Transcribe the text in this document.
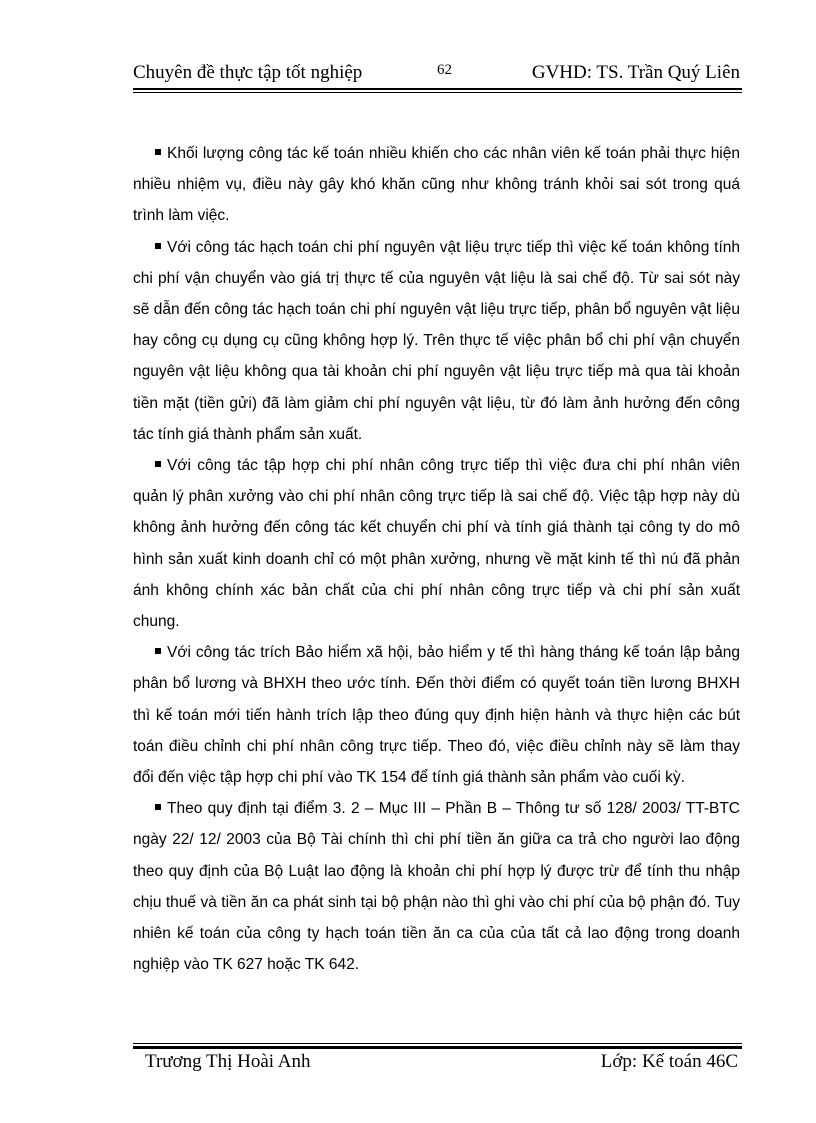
Chuyên đề thực tập tốt nghiệp	62	GVHD: TS. Trần Quý Liên

Khối lượng công tác kế toán nhiều khiến cho các nhân viên kế toán phải thực hiện nhiều nhiệm vụ, điều này gây khó khăn cũng như không tránh khỏi sai sót trong quá trình làm việc.

Với công tác hạch toán chi phí nguyên vật liệu trực tiếp thì việc kế toán không tính chi phí vận chuyển vào giá trị thực tế của nguyên vật liệu là sai chế độ. Từ sai sót này sẽ dẫn đến công tác hạch toán chi phí nguyên vật liệu trực tiếp, phân bổ nguyên vật liệu hay công cụ dụng cụ cũng không hợp lý. Trên thực tế việc phân bổ chi phí vận chuyển nguyên vật liệu không qua tài khoản chi phí nguyên vật liệu trực tiếp mà qua tài khoản tiền mặt (tiền gửi) đã làm giảm chi phí nguyên vật liệu, từ đó làm ảnh hưởng đến công tác tính giá thành phẩm sản xuất.

Với công tác tập hợp chi phí nhân công trực tiếp thì việc đưa chi phí nhân viên quản lý phân xưởng vào chi phí nhân công trực tiếp là sai chế độ. Việc tập hợp này dù không ảnh hưởng đến công tác kết chuyển chi phí và tính giá thành tại công ty do mô hình sản xuất kinh doanh chỉ có một phân xưởng, nhưng về mặt kinh tế thì nú đã phản ánh không chính xác bản chất của chi phí nhân công trực tiếp và chi phí sản xuất chung.

Với công tác trích Bảo hiểm xã hội, bảo hiểm y tế thì hàng tháng kế toán lập bảng phân bổ lương và BHXH theo ước tính. Đến thời điểm có quyết toán tiền lương BHXH thì kế toán mới tiến hành trích lập theo đúng quy định hiện hành và thực hiện các bút toán điều chỉnh chi phí nhân công trực tiếp. Theo đó, việc điều chỉnh này sẽ làm thay đổi đến việc tập hợp chi phí vào TK 154 để tính giá thành sản phẩm vào cuối kỳ.

Theo quy định tại điểm 3. 2 – Mục III – Phần B – Thông tư số 128/ 2003/ TT-BTC ngày 22/ 12/ 2003 của Bộ Tài chính thì chi phí tiền ăn giữa ca trả cho người lao động theo quy định của Bộ Luật lao động là khoản chi phí hợp lý được trừ để tính thu nhập chịu thuế và tiền ăn ca phát sinh tại bộ phận nào thì ghi vào chi phí của bộ phận đó. Tuy nhiên kế toán của công ty hạch toán tiền ăn ca của của tất cả lao động trong doanh nghiệp vào TK 627 hoặc TK 642.

Trương Thị Hoài Anh	Lớp: Kế toán 46C
